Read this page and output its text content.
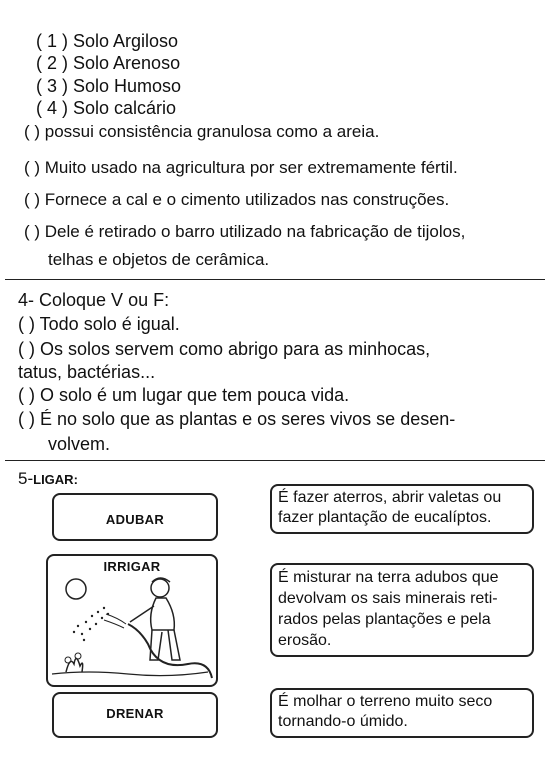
( 1 ) Solo Argiloso
( 2 ) Solo Arenoso
( 3 ) Solo Humoso
( 4 ) Solo calcário
( ) possui consistência granulosa como a areia.
( ) Muito usado na agricultura por ser extremamente fértil.
( ) Fornece a cal e o cimento utilizados nas construções.
( ) Dele é retirado o barro utilizado na fabricação de tijolos,
telhas e objetos de cerâmica.
4- Coloque V ou F:
( ) Todo solo é igual.
( ) Os solos servem como abrigo para as minhocas,
tatus, bactérias...
( ) O solo é um lugar que tem pouca vida.
( ) É no solo que as plantas e os seres vivos se desen-
volvem.
5-LIGAR:
ADUBAR
IRRIGAR
DRENAR
É fazer aterros, abrir valetas ou
fazer plantação de eucalíptos.
É misturar na terra adubos que
devolvam os sais minerais reti-
rados pelas plantações e pela
erosão.
É molhar o terreno muito seco
tornando-o úmido.
